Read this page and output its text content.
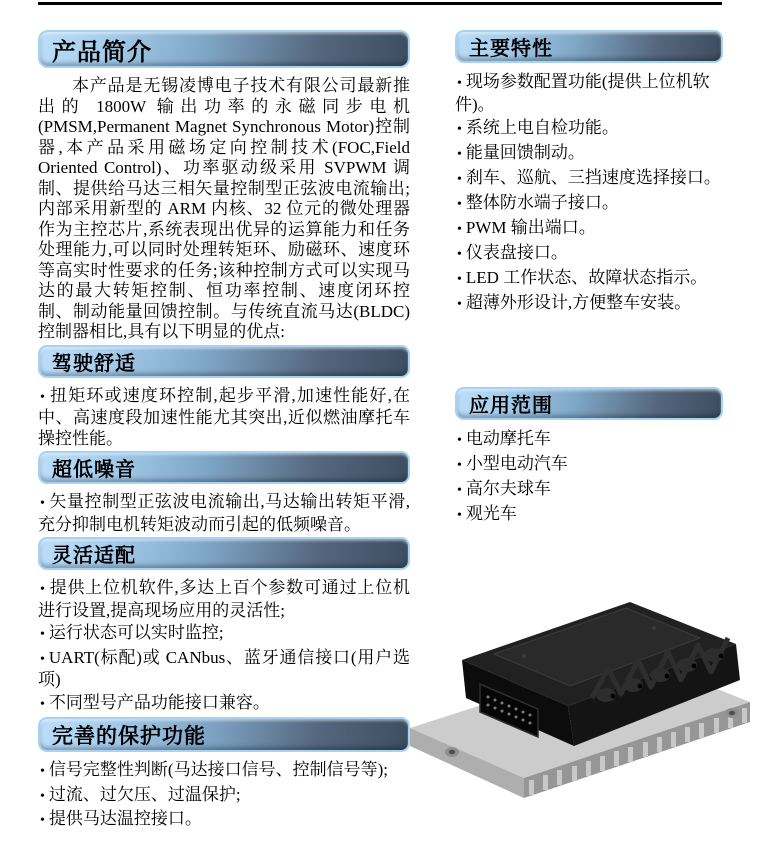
产品简介

本产品是无锡凌博电子技术有限公司最新推出的 1800W 输出功率的永磁同步电机(PMSM,Permanent Magnet Synchronous Motor)控制器,本产品采用磁场定向控制技术(FOC,Field Oriented Control)、功率驱动级采用 SVPWM 调制、提供给马达三相矢量控制型正弦波电流输出;内部采用新型的 ARM 内核、32 位元的微处理器作为主控芯片,系统表现出优异的运算能力和任务处理能力,可以同时处理转矩环、励磁环、速度环等高实时性要求的任务;该种控制方式可以实现马达的最大转矩控制、恒功率控制、速度闭环控制、制动能量回馈控制。与传统直流马达(BLDC)控制器相比,具有以下明显的优点:

驾驶舒适

• 扭矩环或速度环控制,起步平滑,加速性能好,在中、高速度段加速性能尤其突出,近似燃油摩托车操控性能。

超低噪音

• 矢量控制型正弦波电流输出,马达输出转矩平滑,充分抑制电机转矩波动而引起的低频噪音。

灵活适配

• 提供上位机软件,多达上百个参数可通过上位机进行设置,提高现场应用的灵活性;

• 运行状态可以实时监控;

• UART(标配)或 CANbus、蓝牙通信接口(用户选项)

• 不同型号产品功能接口兼容。

完善的保护功能

• 信号完整性判断(马达接口信号、控制信号等);

• 过流、过欠压、过温保护;

• 提供马达温控接口。

主要特性

• 现场参数配置功能(提供上位机软件)。

• 系统上电自检功能。

• 能量回馈制动。

• 刹车、巡航、三挡速度选择接口。

• 整体防水端子接口。

• PWM 输出端口。

• 仪表盘接口。

• LED 工作状态、故障状态指示。

• 超薄外形设计,方便整车安装。

应用范围

• 电动摩托车

• 小型电动汽车

• 高尔夫球车

• 观光车
